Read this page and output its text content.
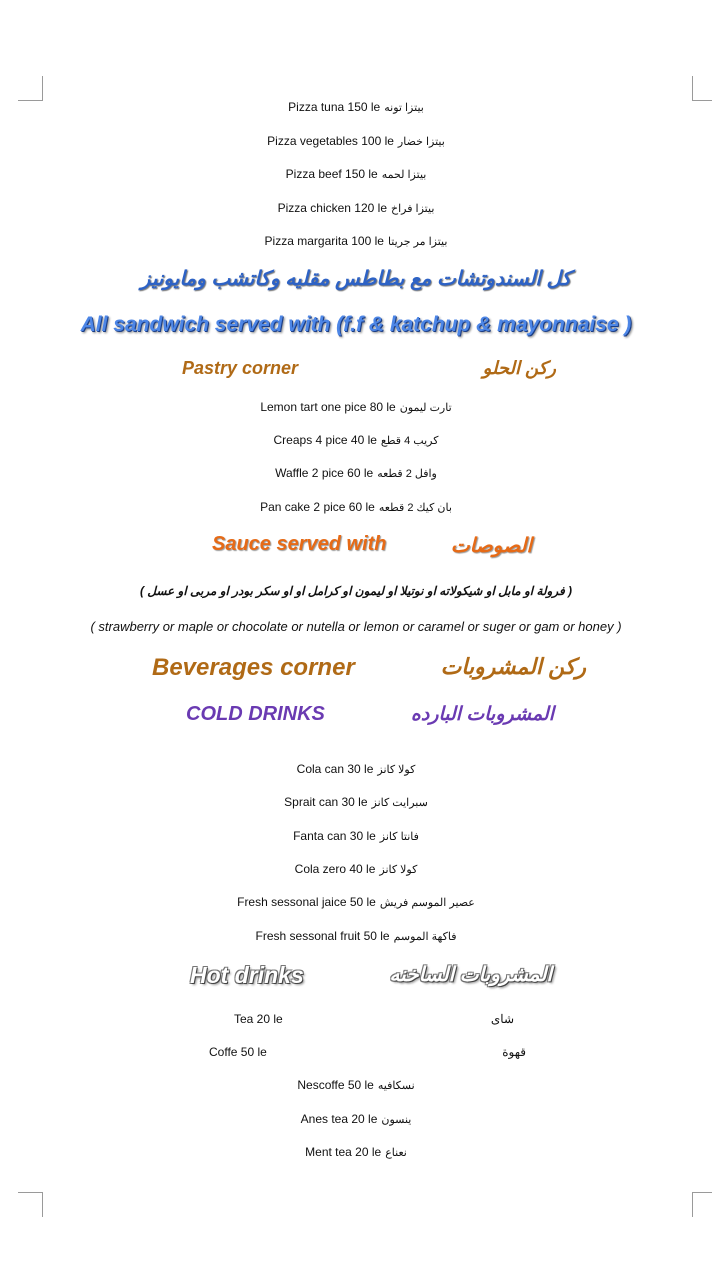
Pizza tuna 150 le بيتزا تونه
Pizza vegetables 100 le بيتزا خضار
Pizza beef 150 le بيتزا لحمه
Pizza chicken 120 le بيتزا فراخ
Pizza margarita 100 le بيتزا مر جريتا
كل السندوتشات مع بطاطس مقليه وكاتشب ومايونيز
All sandwich served with (f.f & katchup & mayonnaise )
Pastry corner	ركن الحلو
Lemon tart one pice 80 le تارت ليمون
Creaps 4 pice 40 le كريب 4 قطع
Waffle 2 pice 60 le وافل 2 قطعه
Pan cake 2 pice 60 le بان كيك 2 قطعه
Sauce served with	الصوصات
( فرولة او مابل او شيكولاته او نوتيلا او ليمون او كرامل او او سكر بودر او مربى او عسل )
( strawberry or maple or chocolate or nutella or lemon or caramel or suger or gam or honey )
Beverages corner	ركن المشروبات
COLD DRINKS	المشروبات البارده
Cola can 30 le كولا كانز
Sprait can 30 le سبرايت كانز
Fanta can 30 le فانتا كانز
Cola zero 40 le كولا كانز
Fresh sessonal jaice 50 le عصير الموسم فريش
Fresh sessonal fruit 50 le فاكهة الموسم
Hot drinks	المشروبات الساخنه
Tea 20 le	شاى
Coffe 50 le	قهوة
Nescoffe 50 le نسكافيه
Anes tea 20 le ينسون
Ment tea 20 le نعناع
